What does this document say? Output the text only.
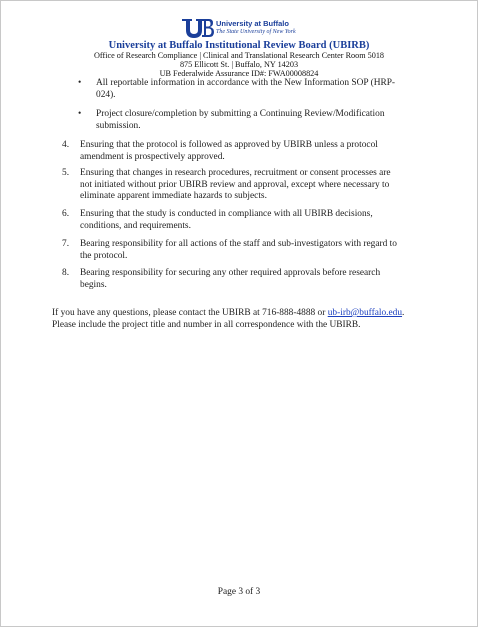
University at Buffalo
The State University of New York
University at Buffalo Institutional Review Board (UBIRB)
Office of Research Compliance | Clinical and Translational Research Center Room 5018
875 Ellicott St. | Buffalo, NY 14203
UB Federalwide Assurance ID#: FWA00008824
• All reportable information in accordance with the New Information SOP (HRP-024).
• Project closure/completion by submitting a Continuing Review/Modification submission.
4. Ensuring that the protocol is followed as approved by UBIRB unless a protocol amendment is prospectively approved.
5. Ensuring that changes in research procedures, recruitment or consent processes are not initiated without prior UBIRB review and approval, except where necessary to eliminate apparent immediate hazards to subjects.
6. Ensuring that the study is conducted in compliance with all UBIRB decisions, conditions, and requirements.
7. Bearing responsibility for all actions of the staff and sub-investigators with regard to the protocol.
8. Bearing responsibility for securing any other required approvals before research begins.
If you have any questions, please contact the UBIRB at 716-888-4888 or ub-irb@buffalo.edu. Please include the project title and number in all correspondence with the UBIRB.
Page 3 of 3
